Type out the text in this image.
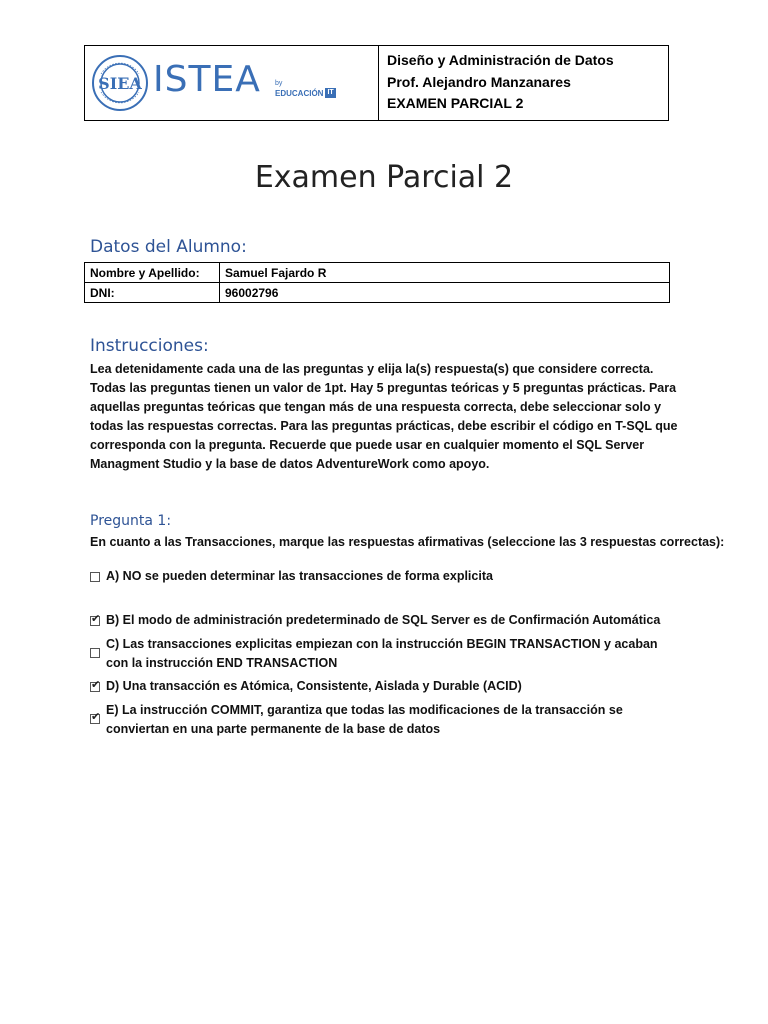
SIEA ISTEA by
EDUCACIÓN IT
Diseño y Administración de Datos
Prof. Alejandro Manzanares
EXAMEN PARCIAL 2
Examen Parcial 2
Datos del Alumno:
Nombre y Apellido:	Samuel Fajardo R
DNI:	96002796
Instrucciones:
Lea detenidamente cada una de las preguntas y elija la(s) respuesta(s) que considere correcta. Todas las preguntas tienen un valor de 1pt. Hay 5 preguntas teóricas y 5 preguntas prácticas. Para aquellas preguntas teóricas que tengan más de una respuesta correcta, debe seleccionar solo y todas las respuestas correctas. Para las preguntas prácticas, debe escribir el código en T-SQL que corresponda con la pregunta. Recuerde que puede usar en cualquier momento el SQL Server Managment Studio y la base de datos AdventureWork como apoyo.
Pregunta 1:
En cuanto a las Transacciones, marque las respuestas afirmativas (seleccione las 3 respuestas correctas):
A) NO se pueden determinar las transacciones de forma explicita
✔ B) El modo de administración predeterminado de SQL Server es de Confirmación Automática
C) Las transacciones explicitas empiezan con la instrucción BEGIN TRANSACTION y acaban con la instrucción END TRANSACTION
✔ D) Una transacción es Atómica, Consistente, Aislada y Durable (ACID)
✔ E) La instrucción COMMIT, garantiza que todas las modificaciones de la transacción se conviertan en una parte permanente de la base de datos
